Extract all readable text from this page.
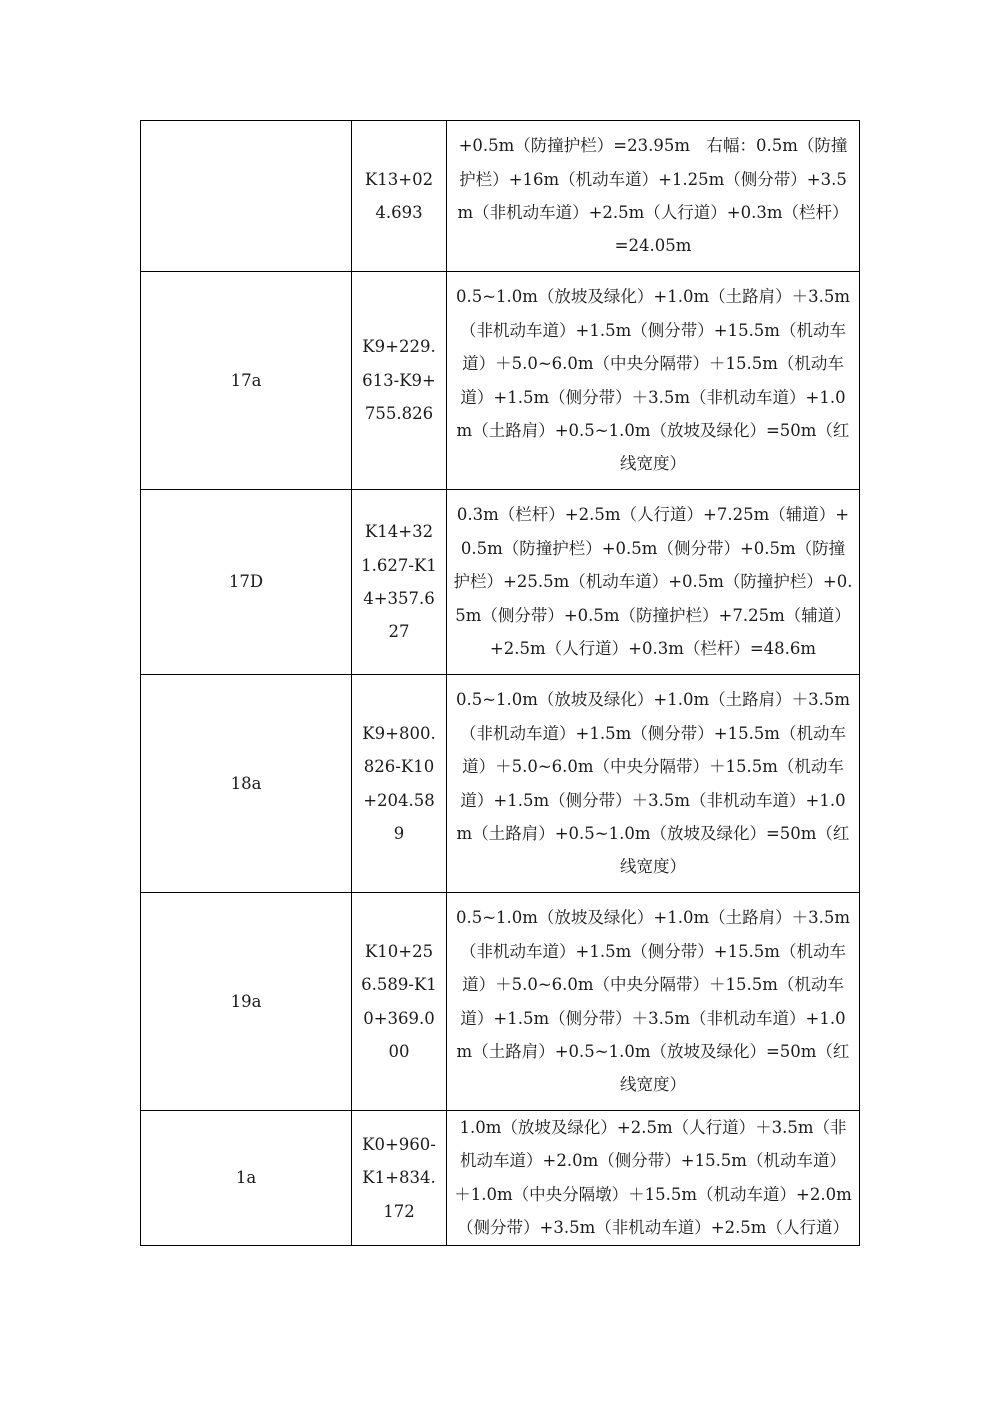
	K13+024.693	+0.5m（防撞护栏）=23.95m　右幅：0.5m（防撞护栏）+16m（机动车道）+1.25m（侧分带）+3.5m（非机动车道）+2.5m（人行道）+0.3m（栏杆）=24.05m
17a	K9+229.613-K9+755.826	0.5~1.0m（放坡及绿化）+1.0m（土路肩）＋3.5m（非机动车道）+1.5m（侧分带）+15.5m（机动车道）＋5.0~6.0m（中央分隔带）＋15.5m（机动车道）+1.5m（侧分带）＋3.5m（非机动车道）+1.0m（土路肩）+0.5~1.0m（放坡及绿化）=50m（红线宽度）
17D	K14+321.627-K14+357.627	0.3m（栏杆）+2.5m（人行道）+7.25m（辅道）+0.5m（防撞护栏）+0.5m（侧分带）+0.5m（防撞护栏）+25.5m（机动车道）+0.5m（防撞护栏）+0.5m（侧分带）+0.5m（防撞护栏）+7.25m（辅道）+2.5m（人行道）+0.3m（栏杆）=48.6m
18a	K9+800.826-K10+204.589	0.5~1.0m（放坡及绿化）+1.0m（土路肩）＋3.5m（非机动车道）+1.5m（侧分带）+15.5m（机动车道）＋5.0~6.0m（中央分隔带）＋15.5m（机动车道）+1.5m（侧分带）＋3.5m（非机动车道）+1.0m（土路肩）+0.5~1.0m（放坡及绿化）=50m（红线宽度）
19a	K10+256.589-K10+369.000	0.5~1.0m（放坡及绿化）+1.0m（土路肩）＋3.5m（非机动车道）+1.5m（侧分带）+15.5m（机动车道）＋5.0~6.0m（中央分隔带）＋15.5m（机动车道）+1.5m（侧分带）＋3.5m（非机动车道）+1.0m（土路肩）+0.5~1.0m（放坡及绿化）=50m（红线宽度）
1a	K0+960-K1+834.172	1.0m（放坡及绿化）+2.5m（人行道）＋3.5m（非机动车道）+2.0m（侧分带）+15.5m（机动车道）＋1.0m（中央分隔墩）＋15.5m（机动车道）+2.0m（侧分带）+3.5m（非机动车道）+2.5m（人行道）
